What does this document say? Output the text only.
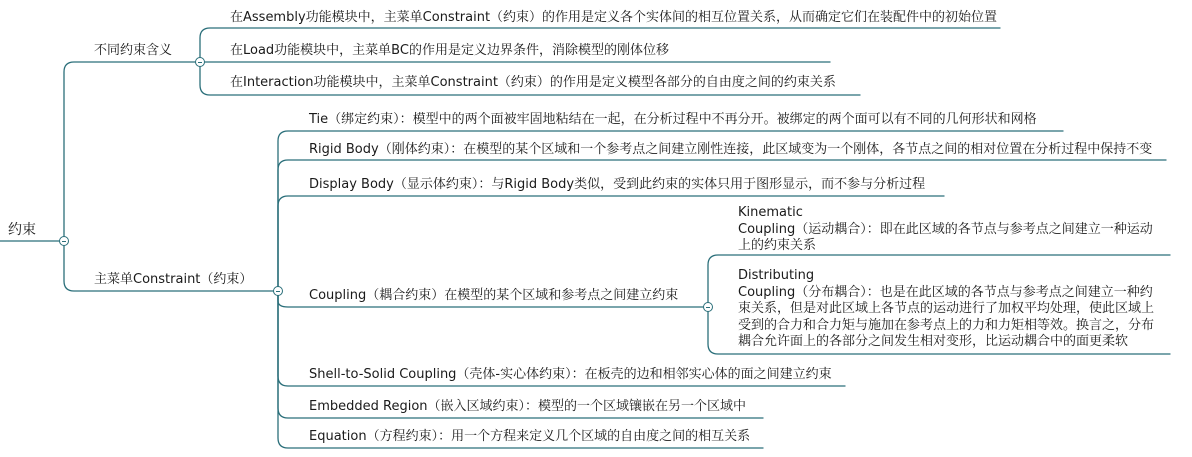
约束
不同约束含义
在Assembly功能模块中，主菜单Constraint（约束）的作用是定义各个实体间的相互位置关系，从而确定它们在装配件中的初始位置
在Load功能模块中，主菜单BC的作用是定义边界条件，消除模型的刚体位移
在Interaction功能模块中，主菜单Constraint（约束）的作用是定义模型各部分的自由度之间的约束关系
主菜单Constraint（约束）
Tie（绑定约束）：模型中的两个面被牢固地粘结在一起，在分析过程中不再分开。被绑定的两个面可以有不同的几何形状和网格
Rigid Body（刚体约束）：在模型的某个区域和一个参考点之间建立刚性连接，此区域变为一个刚体，各节点之间的相对位置在分析过程中保持不变
Display Body（显示体约束）：与Rigid Body类似，受到此约束的实体只用于图形显示，而不参与分析过程
Coupling（耦合约束）在模型的某个区域和参考点之间建立约束
Shell-to-Solid Coupling（壳体-实心体约束）：在板壳的边和相邻实心体的面之间建立约束
Embedded Region（嵌入区域约束）：模型的一个区域镶嵌在另一个区域中
Equation（方程约束）：用一个方程来定义几个区域的自由度之间的相互关系
Kinematic
Coupling（运动耦合）：即在此区域的各节点与参考点之间建立一种运动
上的约束关系
Distributing
Coupling（分布耦合）：也是在此区域的各节点与参考点之间建立一种约
束关系，但是对此区域上各节点的运动进行了加权平均处理，使此区域上
受到的合力和合力矩与施加在参考点上的力和力矩相等效。换言之，分布
耦合允许面上的各部分之间发生相对变形，比运动耦合中的面更柔软
